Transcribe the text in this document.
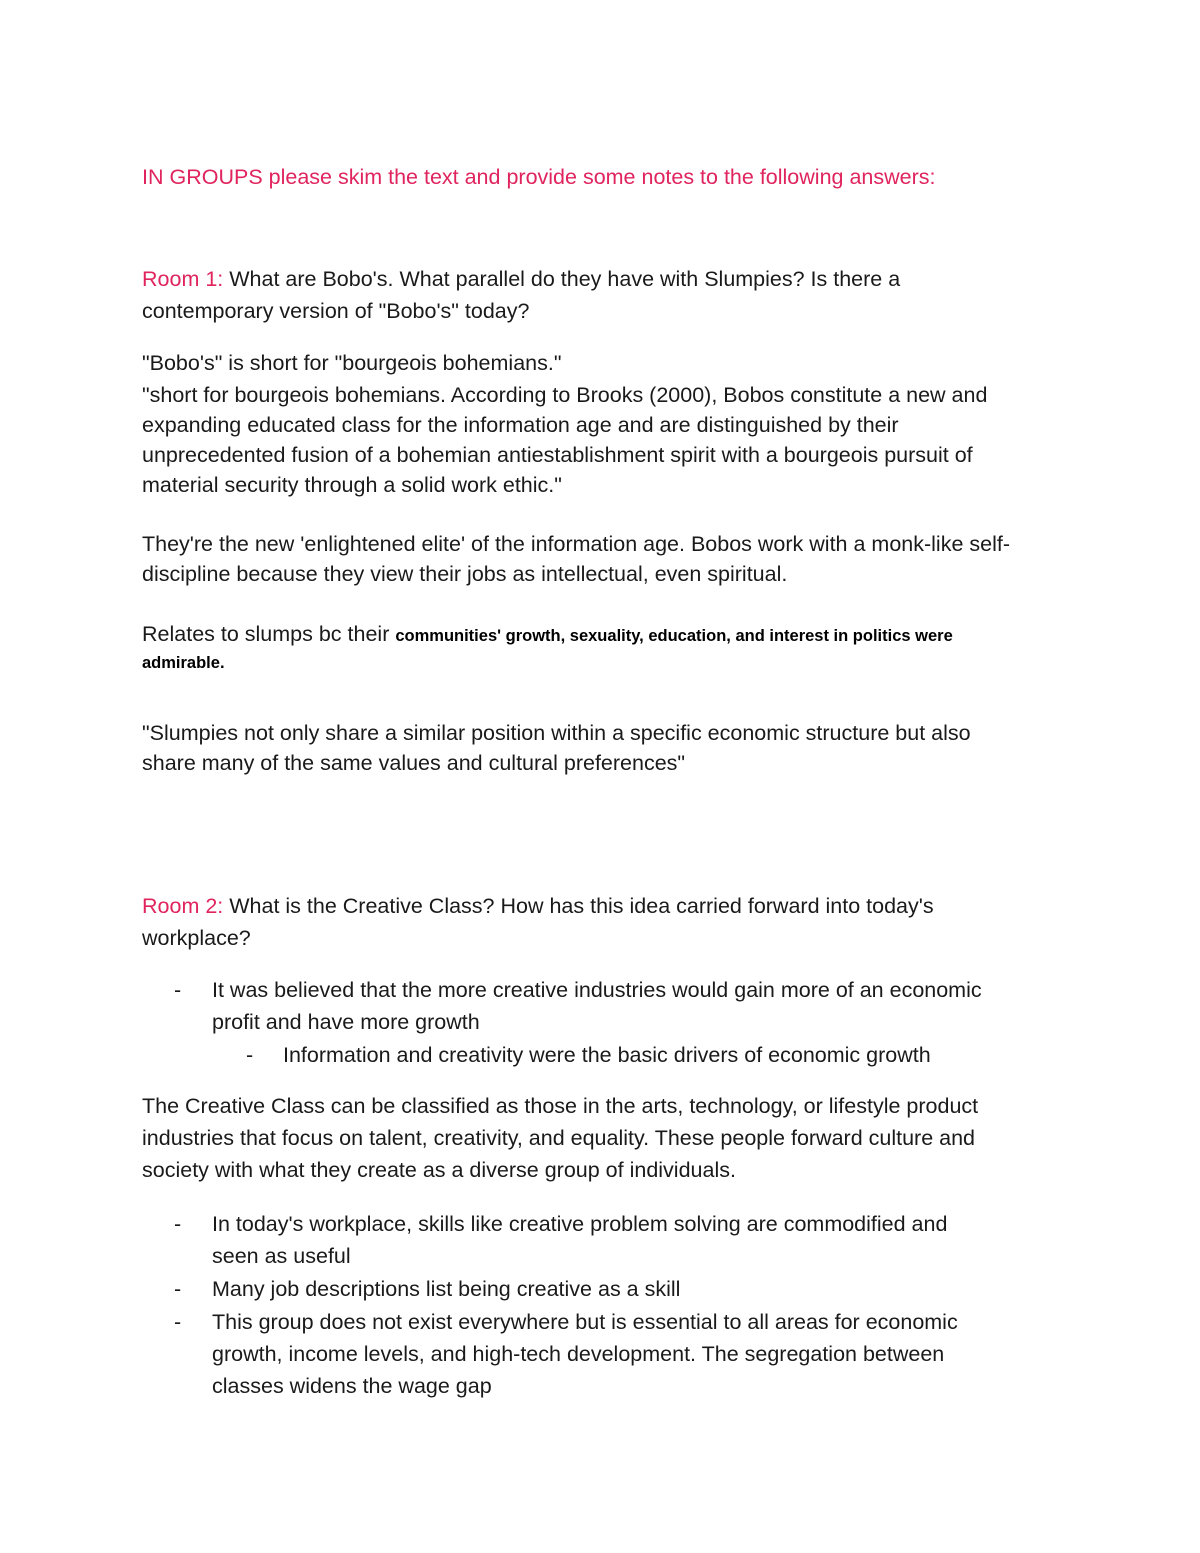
IN GROUPS please skim the text and provide some notes to the following answers:

Room 1: What are Bobo's. What parallel do they have with Slumpies? Is there a

contemporary version of "Bobo's" today?

"Bobo's" is short for "bourgeois bohemians."

"short for bourgeois bohemians. According to Brooks (2000), Bobos constitute a new and

expanding educated class for the information age and are distinguished by their

unprecedented fusion of a bohemian antiestablishment spirit with a bourgeois pursuit of

material security through a solid work ethic."

They're the new 'enlightened elite' of the information age. Bobos work with a monk-like self-

discipline because they view their jobs as intellectual, even spiritual.

Relates to slumps bc their communities' growth, sexuality, education, and interest in politics were

admirable.

"Slumpies not only share a similar position within a specific economic structure but also

share many of the same values and cultural preferences"

Room 2: What is the Creative Class? How has this idea carried forward into today's

workplace?

- It was believed that the more creative industries would gain more of an economic
profit and have more growth
- Information and creativity were the basic drivers of economic growth

The Creative Class can be classified as those in the arts, technology, or lifestyle product

industries that focus on talent, creativity, and equality. These people forward culture and

society with what they create as a diverse group of individuals.

- In today's workplace, skills like creative problem solving are commodified and
seen as useful
- Many job descriptions list being creative as a skill
- This group does not exist everywhere but is essential to all areas for economic
growth, income levels, and high-tech development. The segregation between
classes widens the wage gap
